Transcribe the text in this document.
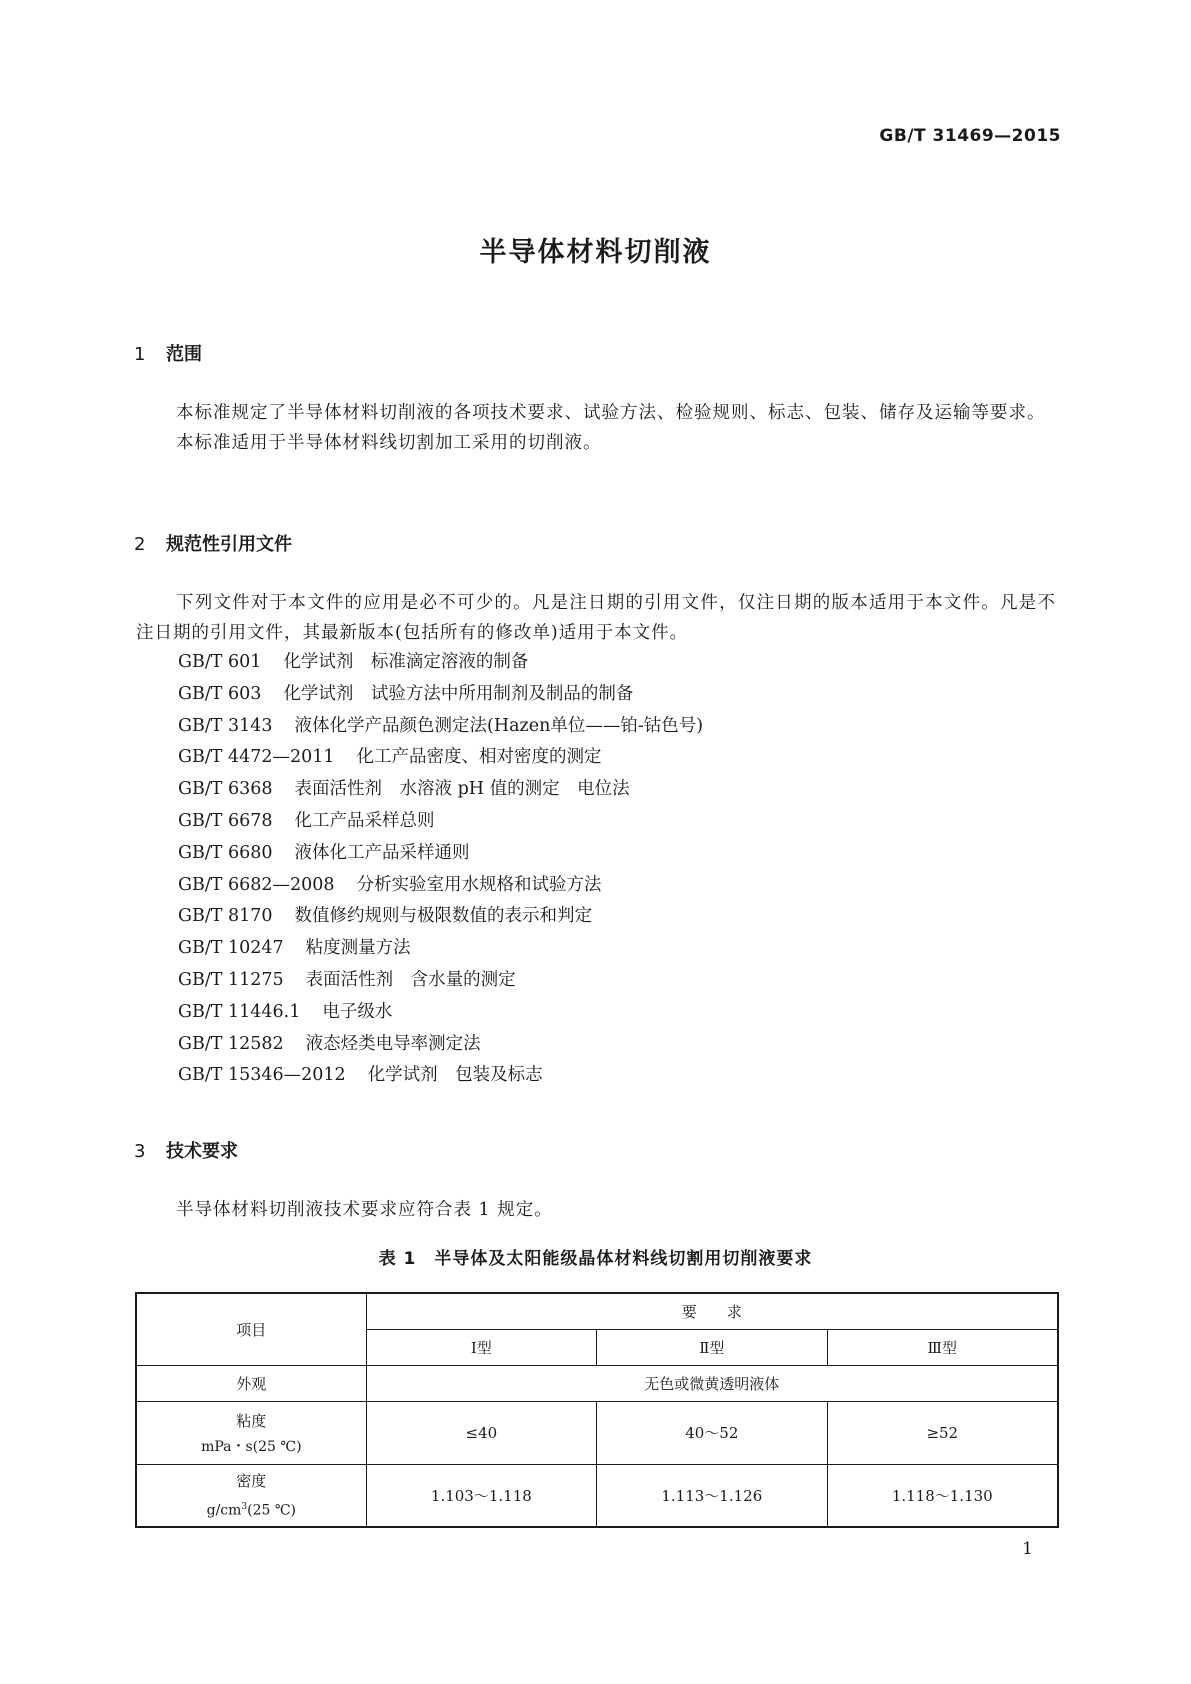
GB/T 31469—2015
半导体材料切削液
1 范围

本标准规定了半导体材料切削液的各项技术要求、试验方法、检验规则、标志、包装、储存及运输等要求。

本标准适用于半导体材料线切割加工采用的切削液。

2 规范性引用文件

下列文件对于本文件的应用是必不可少的。凡是注日期的引用文件，仅注日期的版本适用于本文件。凡是不注日期的引用文件，其最新版本(包括所有的修改单)适用于本文件。

GB/T 601 化学试剂　标准滴定溶液的制备
GB/T 603 化学试剂　试验方法中所用制剂及制品的制备
GB/T 3143 液体化学产品颜色测定法(Hazen单位——铂-钴色号)
GB/T 4472—2011 化工产品密度、相对密度的测定
GB/T 6368 表面活性剂　水溶液 pH 值的测定　电位法
GB/T 6678 化工产品采样总则
GB/T 6680 液体化工产品采样通则
GB/T 6682—2008 分析实验室用水规格和试验方法
GB/T 8170 数值修约规则与极限数值的表示和判定
GB/T 10247 粘度测量方法
GB/T 11275 表面活性剂　含水量的测定
GB/T 11446.1 电子级水
GB/T 12582 液态烃类电导率测定法
GB/T 15346—2012 化学试剂　包装及标志
3 技术要求

半导体材料切削液技术要求应符合表 1 规定。

表 1　半导体及太阳能级晶体材料线切割用切削液要求
项目	要　　求		
	Ⅰ型	Ⅱ型	Ⅲ型
外观	无色或微黄透明液体		

粘度
mPa・s(25 ℃)	≤40	40～52	≥52

密度
$g/cm^3(25$ ℃)	1.103～1.118	1.113～1.126	1.118～1.130
1
